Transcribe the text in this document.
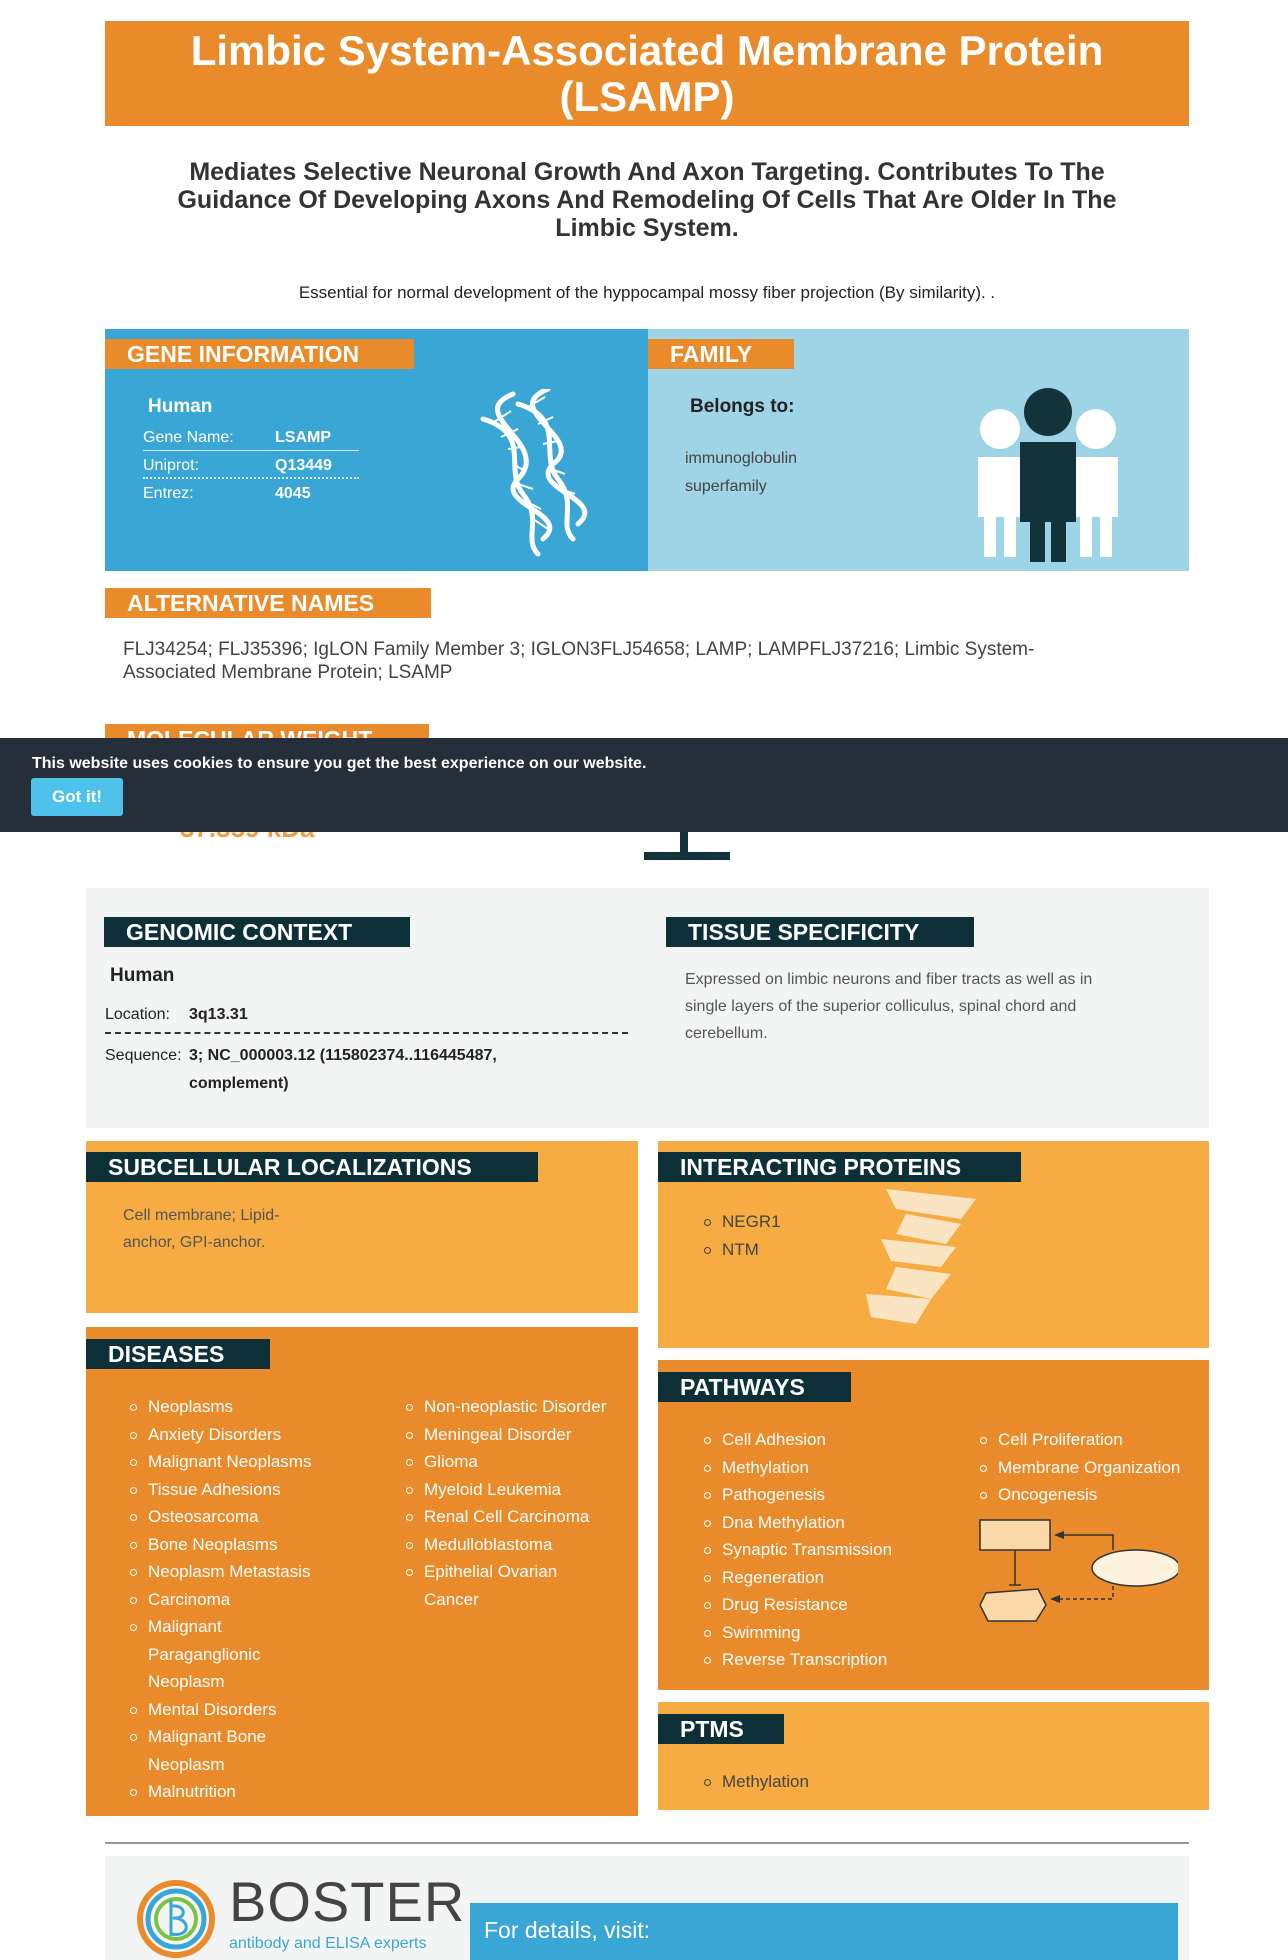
Limbic System-Associated Membrane Protein (LSAMP)
Mediates Selective Neuronal Growth And Axon Targeting. Contributes To The Guidance Of Developing Axons And Remodeling Of Cells That Are Older In The Limbic System.
Essential for normal development of the hyppocampal mossy fiber projection (By similarity). .
GENE INFORMATION
Human
Gene Name:	LSAMP
Uniprot:	Q13449
Entrez:	4045
FAMILY
Belongs to:
immunoglobulin
superfamily
ALTERNATIVE NAMES
FLJ34254; FLJ35396; IgLON Family Member 3; IGLON3FLJ54658; LAMP; LAMPFLJ37216; Limbic System-Associated Membrane Protein; LSAMP
This website uses cookies to ensure you get the best experience on our website.
Got it!
GENOMIC CONTEXT
Human
Location: 3q13.31
Sequence: 3; NC_000003.12 (115802374..116445487,
complement)
TISSUE SPECIFICITY
Expressed on limbic neurons and fiber tracts as well as in single layers of the superior colliculus, spinal chord and cerebellum.
SUBCELLULAR LOCALIZATIONS
Cell membrane; Lipid-
anchor, GPI-anchor.
INTERACTING PROTEINS
NEGR1
NTM
DISEASES
Neoplasms
Anxiety Disorders
Malignant Neoplasms
Tissue Adhesions
Osteosarcoma
Bone Neoplasms
Neoplasm Metastasis
Carcinoma
Malignant
Paraganglionic
Neoplasm
Mental Disorders
Malignant Bone
Neoplasm
Malnutrition
Non-neoplastic Disorder
Meningeal Disorder
Glioma
Myeloid Leukemia
Renal Cell Carcinoma
Medulloblastoma
Epithelial Ovarian
Cancer
PATHWAYS
Cell Adhesion
Methylation
Pathogenesis
Dna Methylation
Synaptic Transmission
Regeneration
Drug Resistance
Swimming
Reverse Transcription
Cell Proliferation
Membrane Organization
Oncogenesis
PTMS
Methylation
BOSTER
antibody and ELISA experts
For details, visit:
